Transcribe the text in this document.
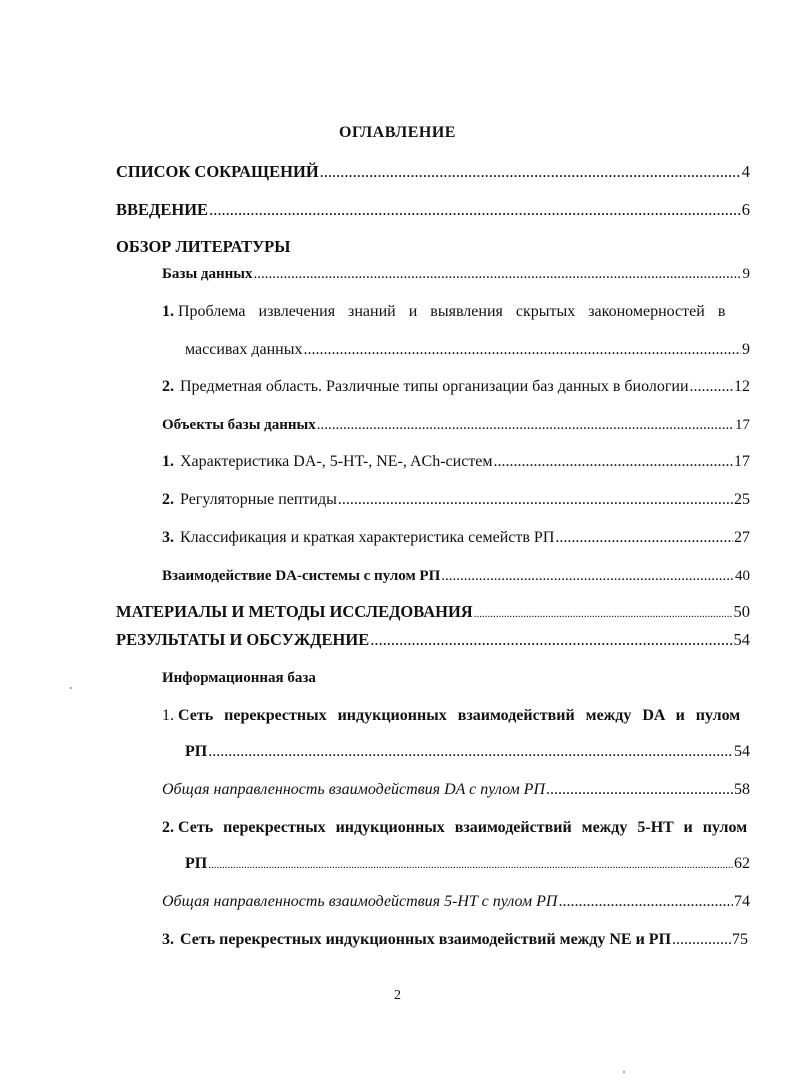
ОГЛАВЛЕНИЕ
СПИСОК СОКРАЩЕНИЙ .....	4
ВВЕДЕНИЕ .....	6
ОБЗОР ЛИТЕРАТУРЫ
Базы данных .....	9
1. Проблема извлечения знаний и выявления скрытых закономерностей в
массивах данных .....	9
2. Предметная область. Различные типы организации баз данных в биологии .....	12
Объекты базы данных .....	17
1. Характеристика DA-, 5-HT-, NE-, ACh-систем .....	17
2. Регуляторные пептиды .....	25
3. Классификация и краткая характеристика семейств РП .....	27
Взаимодействие DA-системы с пулом РП .....	40
МАТЕРИАЛЫ И МЕТОДЫ ИССЛЕДОВАНИЯ .....	50
РЕЗУЛЬТАТЫ И ОБСУЖДЕНИЕ .....	54
Информационная база
1. Сеть перекрестных индукционных взаимодействий между DA и пулом
РП .....	54
Общая направленность взаимодействия DA с пулом РП .....	58
2. Сеть перекрестных индукционных взаимодействий между 5-HT и пулом
РП .....	62
Общая направленность взаимодействия 5-HT с пулом РП .....	74
3. Сеть перекрестных индукционных взаимодействий между NE и РП .....	75
2
